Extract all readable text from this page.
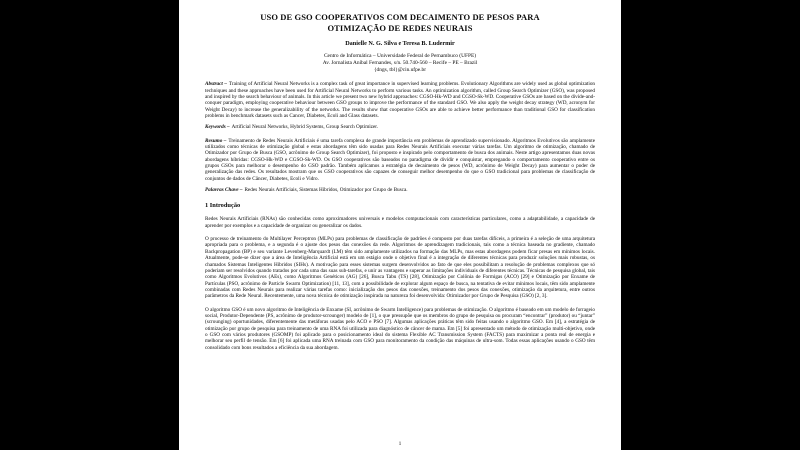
USO DE GSO COOPERATIVOS COM DECAIMENTO DE PESOS PARA OTIMIZAÇÃO DE REDES NEURAIS
Danielle N. G. Silva e Teresa B. Ludermir
Centro de Informática – Universidade Federal de Pernambuco (UFPE)
Av. Jornalista Aníbal Fernandes, s/n. 50.740-560 – Recife – PE – Brazil
{dngs, tbl}@cin.ufpe.br

Abstract – Training of Artificial Neural Networks is a complex task of great importance in supervised learning problems. Evolutionary Algorithms are widely used as global optimization techniques and these approaches have been used for Artificial Neural Networks to perform various tasks. An optimization algorithm, called Group Search Optimizer (GSO), was proposed and inspired by the search behaviour of animals. In this article we present two new hybrid approaches: CGSO-Hk-WD and CGSO-Sk-WD. Cooperative GSOs are based on the divide-and-conquer paradigm, employing cooperative behaviour between GSO groups to improve the performance of the standard GSO. We also apply the weight decay strategy (WD, acronym for Weight Decay) to increase the generalizability of the networks. The results show that cooperative GSOs are able to achieve better performance than traditional GSO for classification problems in benchmark datasets such as Cancer, Diabetes, Ecoli and Glass datasets.

Keywords – Artificial Neural Networks, Hybrid Systems, Group Search Optimizer.

Resumo – Treinamento de Redes Neurais Artificiais é uma tarefa complexa de grande importância em problemas de aprendizado supervisionado. Algoritmos Evolutivos são amplamente utilizados como técnicas de otimização global e estas abordagens têm sido usadas para Redes Neurais Artificiais executar várias tarefas. Um algoritmo de otimização, chamado de Otimizador por Grupo de Busca (GSO, acrônimo de Group Search Optimizer), foi proposto e inspirado pelo comportamento de busca dos animais. Neste artigo apresentamos duas novas abordagens híbridas: CGSO-Hk-WD e CGSO-Sk-WD. Os GSO cooperativos são baseados no paradigma de dividir e conquistar, empregando o comportamento cooperativo entre os grupos GSOs para melhorar o desempenho do GSO padrão. Também aplicamos a estratégia de decaimento de pesos (WD, acrônimo de Weight Decay) para aumentar o poder de generalização das redes. Os resultados mostram que os GSO cooperativos são capazes de conseguir melhor desempenho do que o GSO tradicional para problemas de classificação de conjuntos de dados de Câncer, Diabetes, Ecoli e Vidro.

Palavras Chave – Redes Neurais Artificiais, Sistemas Híbridos, Otimizador por Grupo de Busca.

1 Introdução

Redes Neurais Artificiais (RNAs) são conhecidas como aproximadores universais e modelos computacionais com características particulares, como a adaptabilidade, a capacidade de aprender por exemplos e a capacidade de organizar ou generalizar os dados.

O processo de treinamento do Multilayer Perceptron (MLPs) para problemas de classificação de padrões é composto por duas tarefas difíceis, a primeira é a seleção de uma arquitetura apropriada para o problema, e a segunda é o ajuste dos pesos das conexões da rede. Algoritmos de aprendizagem tradicionais, tais como a técnica baseada no gradiente, chamado Backpropagation (BP) e seu variante Levenberg-Marquardt (LM) têm sido amplamente utilizados na formação das MLPs, mas estas abordagens podem ficar presas em mínimos locais. Atualmente, pode-se dizer que a área de Inteligência Artificial está em um estágio onde o objetivo final é a integração de diferentes técnicas para produzir soluções mais robustas, os chamados Sistemas Inteligentes Híbridos (SIHs). A motivação para esses sistemas surgem desenvolvidos ao fato de que eles possibilitam a resolução de problemas complexos que só poderiam ser resolvidos quando tratados por cada uma das suas sub-tarefas, e unir as vantagens e superar as limitações individuais de diferentes técnicas. Técnicas de pesquisa global, tais como Algoritmos Evolutivos (AEs), como Algoritmos Genéticos (AG) [26], Busca Tabu (TS) [28], Otimização por Colônia de Formigas (ACO) [29] e Otimização por Enxame de Partículas (PSO, acrônimo de Particle Swarm Optimization) [11, 13], com a possibilidade de explorar algum espaço de busca, na tentativa de evitar mínimos locais, têm sido amplamente combinadas com Redes Neurais para realizar várias tarefas como: inicialização dos pesos das conexões, treinamento dos pesos das conexões, otimização da arquitetura, entre outros parâmetros da Rede Neural. Recentemente, uma nova técnica de otimização inspirada na natureza foi desenvolvida: Otimizador por Grupo de Pesquisa (GSO) [2, 3].

O algoritmo GSO é um novo algoritmo de Inteligência de Enxame (SI, acrônimo de Swarm Intelligence) para problemas de otimização. O algoritmo é baseado em um modelo de forrageio social, Produtor-Dependente (PS, acrônimo de produtor-scrounger) modelo de [1], o que pressupõe que os membros do grupo de pesquisa ou procuram “encontrar” (produtor) ou “juntar” (scrounging) oportunidades, diferentemente das metáforas usadas pelo ACO e PSO [7]. Algumas aplicações práticas têm sido feitas usando o algoritmo GSO. Em [4], a estratégia de otimização por grupo de pesquisa para treinamento de uma RNA foi utilizada para diagnóstico de câncer de mama. Em [5] foi apresentado um método de otimização multi-objetivo, onde o GSO com vários produtores (GSOMP) foi aplicado para o posicionamento ideal do sistema Flexible AC Transmission System (FACTS) para maximizar a ponta real de energia e melhorar seu perfil de tensão. Em [6] foi aplicada uma RNA treinada com GSO para monitoramento da condição das máquinas de ultra-som. Todas essas aplicações usando o GSO têm consolidado com bons resultados a eficiência da sua abordagem.

1
